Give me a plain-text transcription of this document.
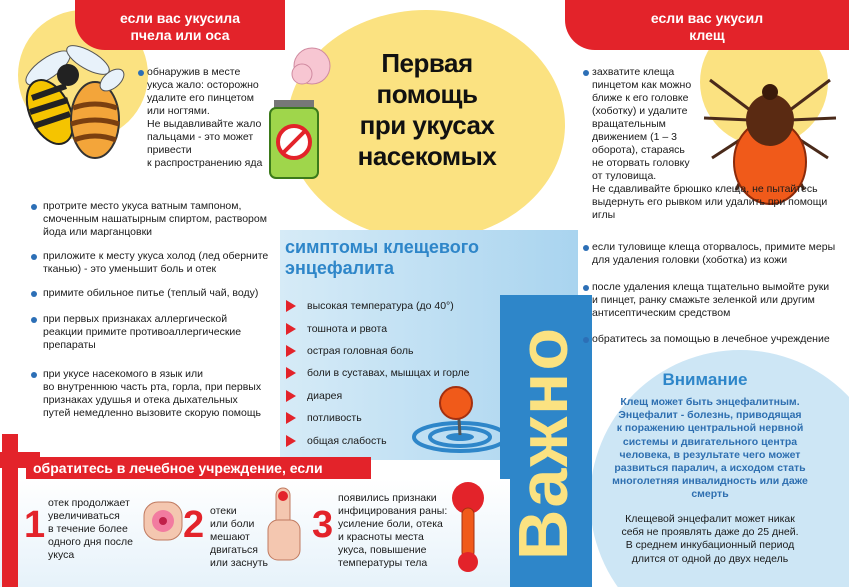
если вас укусила
пчела или оса
если вас укусил
клещ
Первая
помощь
при укусах
насекомых
обнаружив в месте
укуса жало: осторожно
удалите его пинцетом
или ногтями.
Не выдавливайте жало
пальцами - это может
привести
к распространению яда
протрите место укуса ватным тампоном,
смоченным нашатырным спиртом, раствором
йода или марганцовки
приложите к месту укуса холод (лед оберните
тканью) - это уменьшит боль и отек
примите обильное питье (теплый чай, воду)
при первых признаках аллергической
реакции примите противоаллергические
препараты
при укусе насекомого в язык или
во внутреннюю часть рта, горла, при первых
признаках удушья и отека дыхательных
путей немедленно вызовите скорую помощь
захватите клеща
пинцетом как можно
ближе к его головке
(хоботку) и удалите
вращательным
движением (1 – 3
оборота), стараясь
не оторвать головку
от туловища.
Не сдавливайте брюшко клеща, не пытайтесь
выдернуть его рывком или удалить при помощи
иглы
если туловище клеща оторвалось, примите меры
для удаления головки (хоботка) из кожи
после удаления клеща тщательно вымойте руки
и пинцет, ранку смажьте зеленкой или другим
антисептическим средством
обратитесь за помощью в лечебное учреждение
симптомы клещевого
энцефалита
высокая температура (до 40°)
тошнота и рвота
острая головная боль
боли в суставах, мышцах и горле
диарея
потливость
общая слабость Важно	Внимание
Клещ может быть энцефалитным.
Энцефалит - болезнь, приводящая
к поражению центральной нервной
системы и двигательного центра
человека, в результате чего может
развиться паралич, а исходом стать
многолетняя инвалидность или даже
смерть
Клещевой энцефалит может никак
себя не проявлять даже до 25 дней.
В среднем инкубационный период
длится от одной до двух недель
обратитесь в лечебное учреждение, если
1
отек продолжает
увеличиваться
в течение более
одного дня после
укуса
2 отеки
или боли
мешают
двигаться
или заснуть
3
появились признаки
инфицирования раны:
усиление боли, отека
и красноты места
укуса, повышение
температуры тела
